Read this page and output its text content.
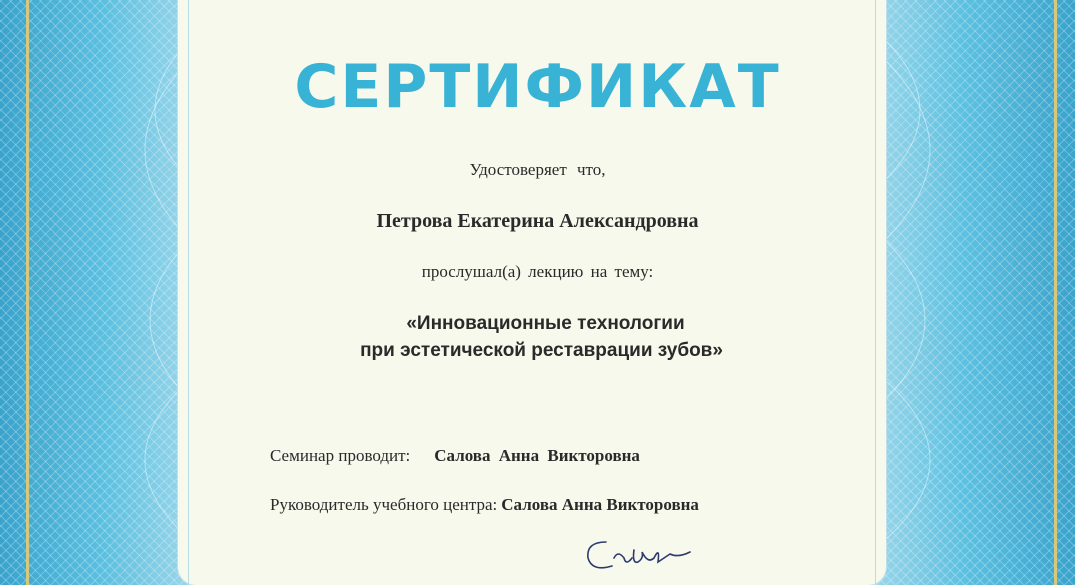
СЕРТИФИКАТ
Удостоверяет что,
Петрова Екатерина Александровна
прослушал(а) лекцию на тему:
«Инновационные технологии
при эстетической реставрации зубов»
Семинар проводит: Салова Анна Викторовна
Руководитель учебного центра: Салова Анна Викторовна
